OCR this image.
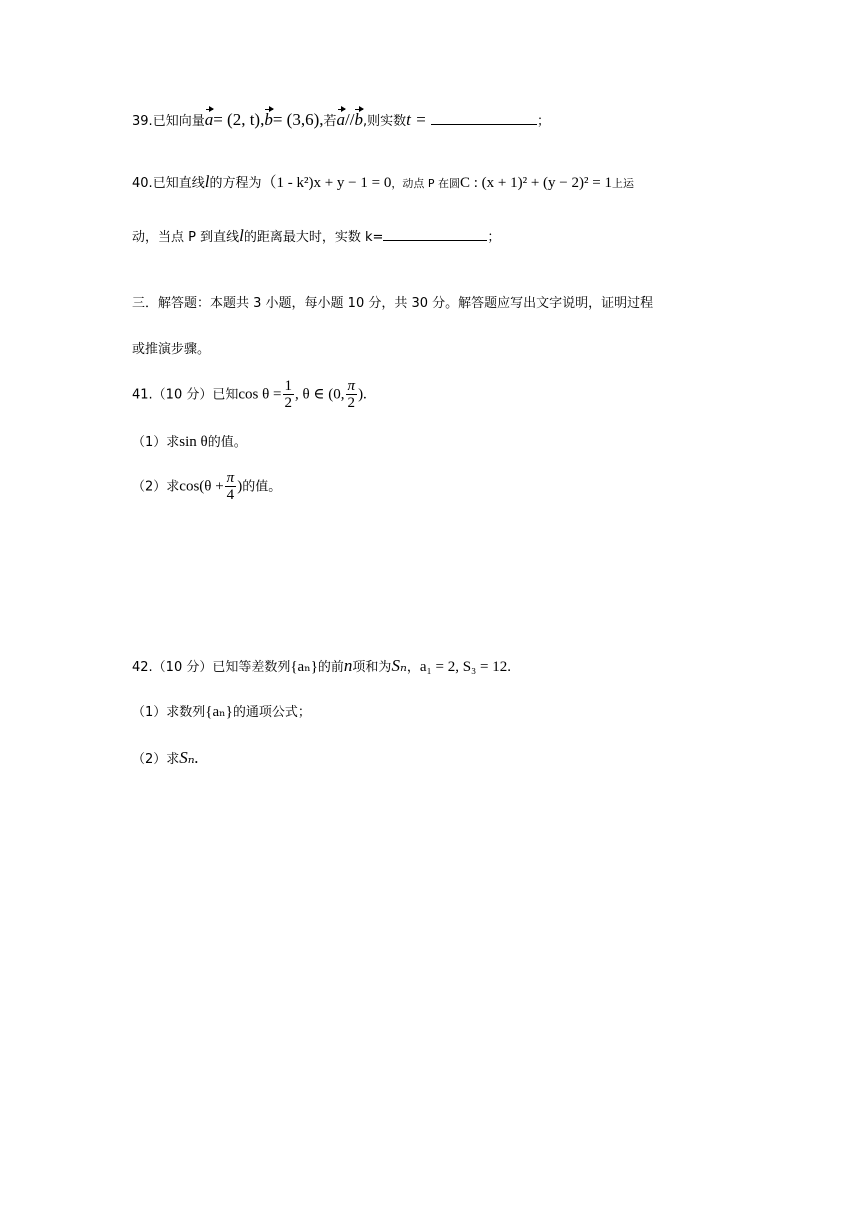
39.已知向量a= (2, t),b= (3,6),若a//b,则实数t =	；
40.已知直线l的方程为（1 - k²)x + y − 1 = 0，动点 P 在圆C : (x + 1)² + (y − 2)² = 1上运
动，当点 P 到直线l的距离最大时，实数 k=	；
三．解答题：本题共 3 小题，每小题 10 分，共 30 分。解答题应写出文字说明，证明过程
或推演步骤。
41.（10 分）已知$\cos \theta = \frac{1}{2}$ , θ ∈ (0, $\frac{\pi}{2}$ ).
（1）求sin θ的值。
（2）求$\cos(\theta + \frac{\pi}{4}$ )的值。
42.（10 分）已知等差数列{aₙ}的前n项和为Sₙ，a₁ = 2, S₃ = 12.
（1）求数列{aₙ}的通项公式；
（2）求Sₙ.
